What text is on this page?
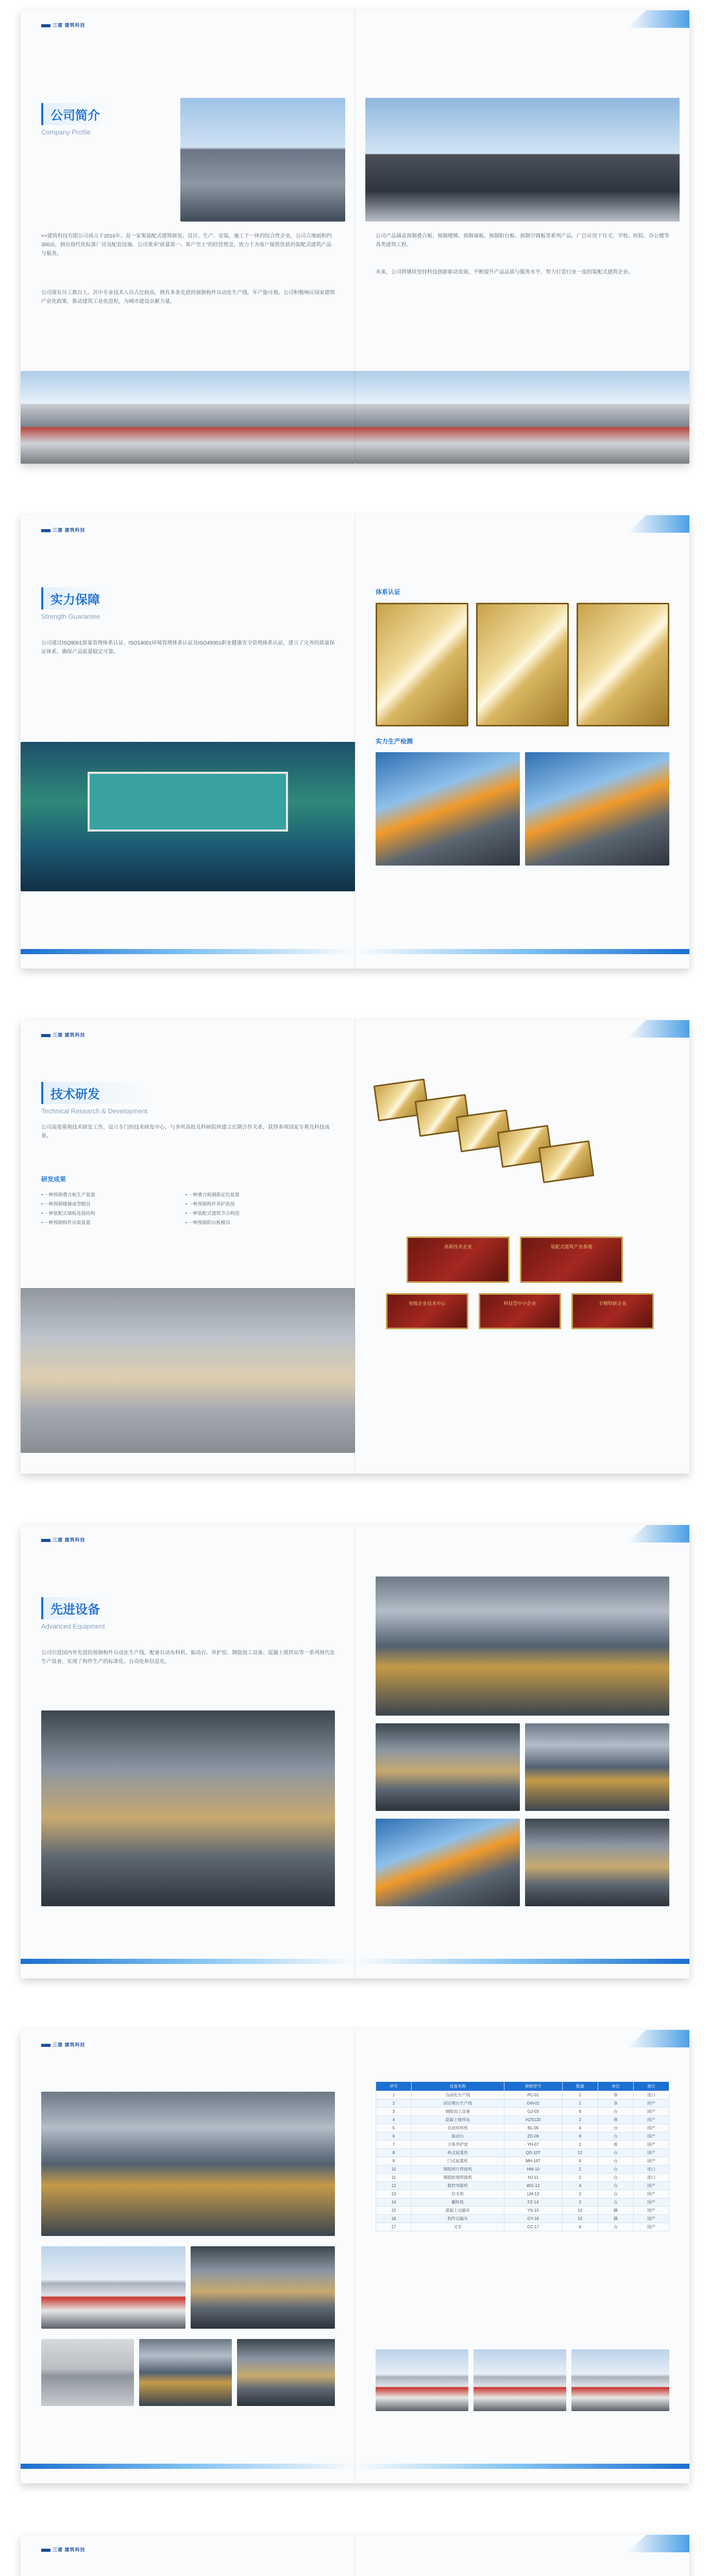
三建 建筑科技
公司简介
Company Profile
××建筑科技有限公司成立于2016年，是一家集装配式建筑研发、设计、生产、安装、施工于一体的综合性企业，公司占地面积约300亩，拥有现代化标准厂房及配套设施。公司秉承“质量第一、客户至上”的经营理念，致力于为客户提供优质的装配式建筑产品与服务。
公司现有员工数百人，其中专业技术人员占比较高，拥有多条先进的预制构件自动化生产线，年产能可观。公司积极响应国家建筑产业化政策，推动建筑工业化进程，为城市建设贡献力量。
公司产品涵盖预制叠合板、预制楼梯、预制墙板、预制阳台板、预制空调板等系列产品，广泛应用于住宅、学校、医院、办公楼等各类建筑工程。
未来，公司将继续坚持科技创新驱动发展，不断提升产品品质与服务水平，努力打造行业一流的装配式建筑企业。
三建 建筑科技
实力保障
Strength Guarantee
公司通过ISO9001质量管理体系认证、ISO14001环境管理体系认证及ISO45001职业健康安全管理体系认证，建立了完善的质量保证体系，确保产品质量稳定可靠。
体系认证
实力生产检测
三建 建筑科技
技术研发
Technical Research & Development
公司高度重视技术研发工作，设立专门的技术研发中心，与多所高校及科研院所建立长期合作关系，获得多项国家专利及科技成果。
研发成果
• 一种预制叠合板生产装置
• 一种预制楼梯成型模具
• 一种装配式墙板连接结构
• 一种预制构件吊装装置
• 一种叠合板钢筋定位装置
• 一种预制构件养护系统
• 一种装配式建筑节点构造
• 一种预制阳台板模具
高新技术企业	装配式建筑产业基地
省级企业技术中心	科技型中小企业	专精特新企业
三建 建筑科技
先进设备
Advanced Equipment
公司引进国内外先进的预制构件自动化生产线，配备自动布料机、振动台、养护窑、钢筋加工设备、混凝土搅拌站等一系列现代化生产设备，实现了构件生产的标准化、自动化和信息化。
三建 建筑科技
序号	设备名称	规格型号	数量	单位	备注
1	自动化生产线	PC-01	2	条	进口
2	固定模台生产线	GM-02	1	条	国产
3	钢筋加工设备	GJ-03	6	台	国产
4	混凝土搅拌站	HZS120	2	座	国产
5	自动布料机	BL-05	4	台	国产
6	振动台	ZD-06	8	台	国产
7	立体养护窑	YH-07	2	座	国产
8	桥式起重机	QD-10T	12	台	国产
9	门式起重机	MH-16T	4	台	国产
10	钢筋网片焊接机	HW-10	2	台	进口
11	钢筋桁架焊接机	HJ-11	2	台	进口
12	数控弯箍机	WG-12	4	台	国产
13	拉毛机	LM-13	2	台	国产
14	翻转机	FZ-14	2	台	国产
15	混凝土运输车	YS-15	10	辆	国产
16	构件运输车	GY-16	15	辆	国产
17	叉车	CC-17	6	台	国产
三建 建筑科技
